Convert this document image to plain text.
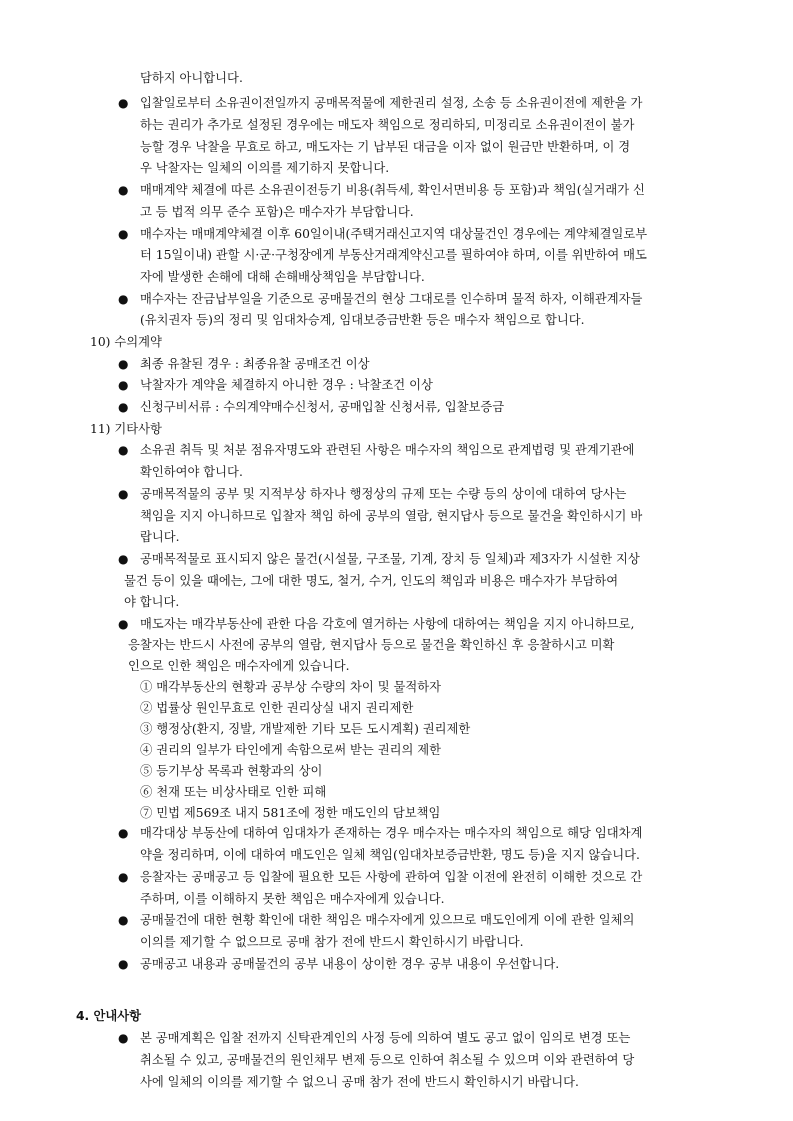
담하지 아니합니다.
● 입찰일로부터 소유권이전일까지 공매목적물에 제한권리 설정, 소송 등 소유권이전에 제한을 가
하는 권리가 추가로 설정된 경우에는 매도자 책임으로 정리하되, 미정리로 소유권이전이 불가
능할 경우 낙찰을 무효로 하고, 매도자는 기 납부된 대금을 이자 없이 원금만 반환하며, 이 경
우 낙찰자는 일체의 이의를 제기하지 못합니다.
● 매매계약 체결에 따른 소유권이전등기 비용(취득세, 확인서면비용 등 포함)과 책임(실거래가 신
고 등 법적 의무 준수 포함)은 매수자가 부담합니다.
● 매수자는 매매계약체결 이후 60일이내(주택거래신고지역 대상물건인 경우에는 계약체결일로부
터 15일이내) 관할 시·군·구청장에게 부동산거래계약신고를 필하여야 하며, 이를 위반하여 매도
자에 발생한 손해에 대해 손해배상책임을 부담합니다.
● 매수자는 잔금납부일을 기준으로 공매물건의 현상 그대로를 인수하며 물적 하자, 이해관계자들
(유치권자 등)의 정리 및 임대차승계, 임대보증금반환 등은 매수자 책임으로 합니다.
10) 수의계약
● 최종 유찰된 경우 : 최종유찰 공매조건 이상
● 낙찰자가 계약을 체결하지 아니한 경우 : 낙찰조건 이상
● 신청구비서류 : 수의계약매수신청서, 공매입찰 신청서류, 입찰보증금
11) 기타사항
● 소유권 취득 및 처분 점유자명도와 관련된 사항은 매수자의 책임으로 관계법령 및 관계기관에
확인하여야 합니다.
● 공매목적물의 공부 및 지적부상 하자나 행정상의 규제 또는 수량 등의 상이에 대하여 당사는
책임을 지지 아니하므로 입찰자 책임 하에 공부의 열람, 현지답사 등으로 물건을 확인하시기 바
랍니다.
● 공매목적물로 표시되지 않은 물건(시설물, 구조물, 기계, 장치 등 일체)과 제3자가 시설한 지상
물건 등이 있을 때에는, 그에 대한 명도, 철거, 수거, 인도의 책임과 비용은 매수자가 부담하여
야 합니다.
● 매도자는 매각부동산에 관한 다음 각호에 열거하는 사항에 대하여는 책임을 지지 아니하므로,
응찰자는 반드시 사전에 공부의 열람, 현지답사 등으로 물건을 확인하신 후 응찰하시고 미확
인으로 인한 책임은 매수자에게 있습니다.
① 매각부동산의 현황과 공부상 수량의 차이 및 물적하자
② 법률상 원인무효로 인한 권리상실 내지 권리제한
③ 행정상(환지, 징발, 개발제한 기타 모든 도시계획) 권리제한
④ 권리의 일부가 타인에게 속함으로써 받는 권리의 제한
⑤ 등기부상 목록과 현황과의 상이
⑥ 천재 또는 비상사태로 인한 피해
⑦ 민법 제569조 내지 581조에 정한 매도인의 담보책임
● 매각대상 부동산에 대하여 임대차가 존재하는 경우 매수자는 매수자의 책임으로 해당 임대차계
약을 정리하며, 이에 대하여 매도인은 일체 책임(임대차보증금반환, 명도 등)을 지지 않습니다.
● 응찰자는 공매공고 등 입찰에 필요한 모든 사항에 관하여 입찰 이전에 완전히 이해한 것으로 간
주하며, 이를 이해하지 못한 책임은 매수자에게 있습니다.
● 공매물건에 대한 현황 확인에 대한 책임은 매수자에게 있으므로 매도인에게 이에 관한 일체의
이의를 제기할 수 없으므로 공매 참가 전에 반드시 확인하시기 바랍니다.
● 공매공고 내용과 공매물건의 공부 내용이 상이한 경우 공부 내용이 우선합니다.
4. 안내사항
● 본 공매계획은 입찰 전까지 신탁관계인의 사정 등에 의하여 별도 공고 없이 임의로 변경 또는
취소될 수 있고, 공매물건의 원인채무 변제 등으로 인하여 취소될 수 있으며 이와 관련하여 당
사에 일체의 이의를 제기할 수 없으니 공매 참가 전에 반드시 확인하시기 바랍니다.
